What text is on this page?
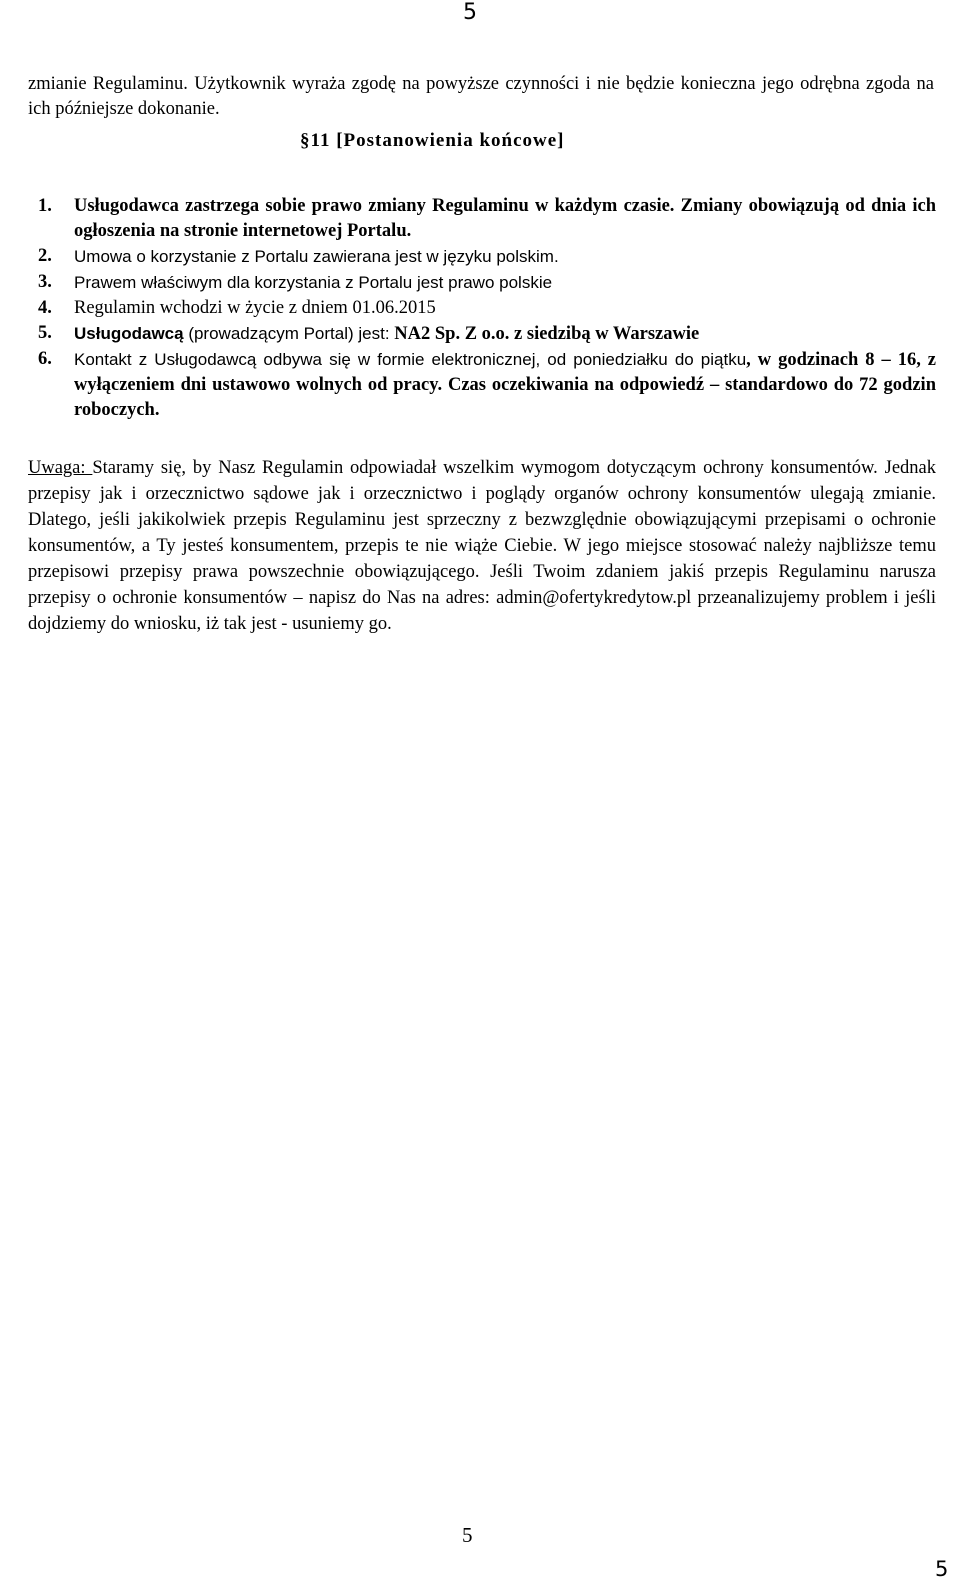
5
zmianie Regulaminu. Użytkownik wyraża zgodę na powyższe czynności i nie będzie konieczna jego odrębna zgoda na ich późniejsze dokonanie.
§11 [Postanowienia końcowe]
1. Usługodawca zastrzega sobie prawo zmiany Regulaminu w każdym czasie. Zmiany obowiązują od dnia ich ogłoszenia na stronie internetowej Portalu.
2. Umowa o korzystanie z Portalu zawierana jest w języku polskim.
3. Prawem właściwym dla korzystania z Portalu jest prawo polskie
4. Regulamin wchodzi w życie z dniem 01.06.2015
5. Usługodawcą (prowadzącym Portal) jest: NA2 Sp. Z o.o. z siedzibą w Warszawie
6. Kontakt z Usługodawcą odbywa się w formie elektronicznej, od poniedziałku do piątku, w godzinach 8 – 16, z wyłączeniem dni ustawowo wolnych od pracy. Czas oczekiwania na odpowiedź – standardowo do 72 godzin roboczych.
Uwaga: Staramy się, by Nasz Regulamin odpowiadał wszelkim wymogom dotyczącym ochrony konsumentów. Jednak przepisy jak i orzecznictwo sądowe jak i orzecznictwo i poglądy organów ochrony konsumentów ulegają zmianie. Dlatego, jeśli jakikolwiek przepis Regulaminu jest sprzeczny z bezwzględnie obowiązującymi przepisami o ochronie konsumentów, a Ty jesteś konsumentem, przepis te nie wiąże Ciebie. W jego miejsce stosować należy najbliższe temu przepisowi przepisy prawa powszechnie obowiązującego. Jeśli Twoim zdaniem jakiś przepis Regulaminu narusza przepisy o ochronie konsumentów – napisz do Nas na adres: admin@ofertykredytow.pl przeanalizujemy problem i jeśli dojdziemy do wniosku, iż tak jest - usuniemy go.
5
5
